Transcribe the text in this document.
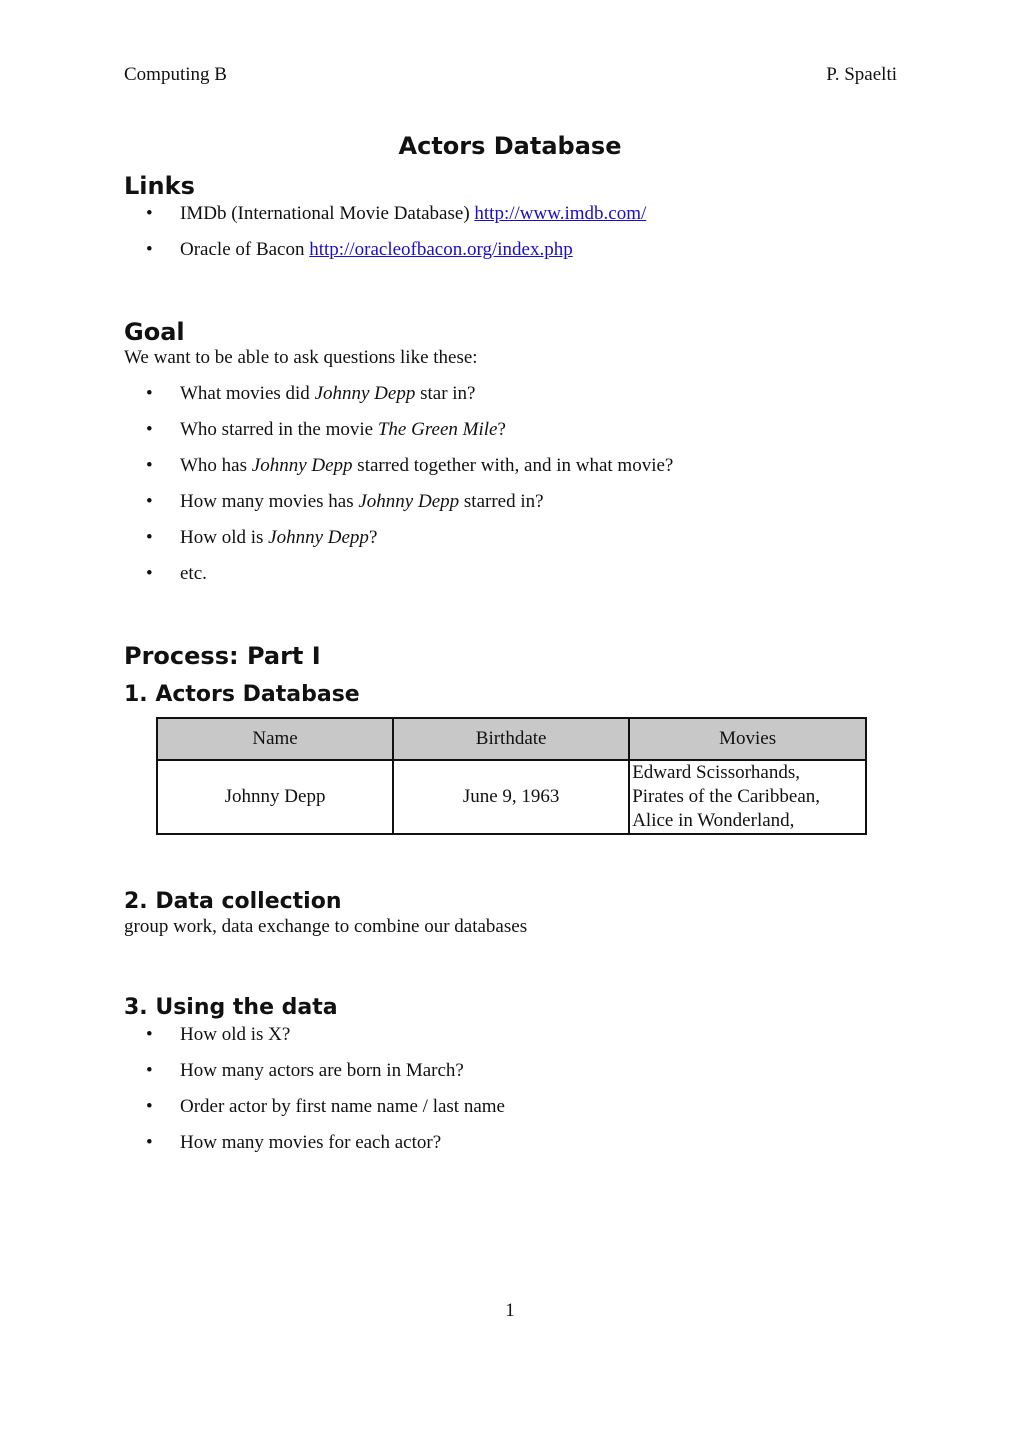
Computing B	P. Spaelti
Actors Database
Links
• IMDb (International Movie Database) http://www.imdb.com/
• Oracle of Bacon http://oracleofbacon.org/index.php
Goal
We want to be able to ask questions like these:
• What movies did Johnny Depp star in?
• Who starred in the movie The Green Mile?
• Who has Johnny Depp starred together with, and in what movie?
• How many movies has Johnny Depp starred in?
• How old is Johnny Depp?
• etc.
Process: Part I
1. Actors Database
Name	Birthdate	Movies
Johnny Depp	June 9, 1963	Edward Scissorhands,
Pirates of the Caribbean,
Alice in Wonderland,
2. Data collection
group work, data exchange to combine our databases
3. Using the data
• How old is X?
• How many actors are born in March?
• Order actor by first name name / last name
• How many movies for each actor?
1
